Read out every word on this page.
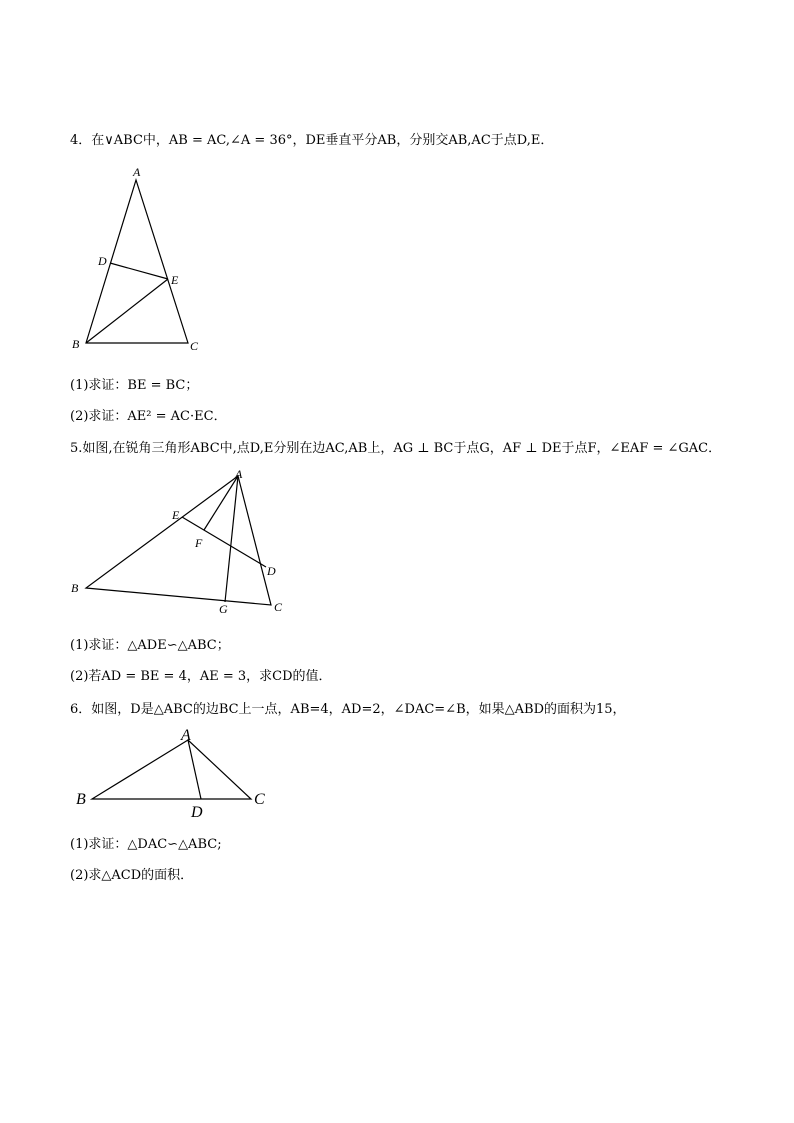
4．在∨ABC中，AB = AC,∠A = 36°，DE垂直平分AB，分别交AB,AC于点D,E．
A
D
E
B	C
(1)求证：BE = BC；
(2)求证：AE² = AC·EC．
5.如图,在锐角三角形ABC中,点D,E分别在边AC,AB上，AG ⊥ BC于点G，AF ⊥ DE于点F，∠EAF = ∠GAC．
A
E
F
D
B
G	C
(1)求证：△ADE∽△ABC；
(2)若AD = BE = 4，AE = 3，求CD的值．
6．如图，D是△ABC的边BC上一点，AB=4，AD=2，∠DAC=∠B，如果△ABD的面积为15，
A
B	C
D
(1)求证：△DAC∽△ABC;
(2)求△ACD的面积．
